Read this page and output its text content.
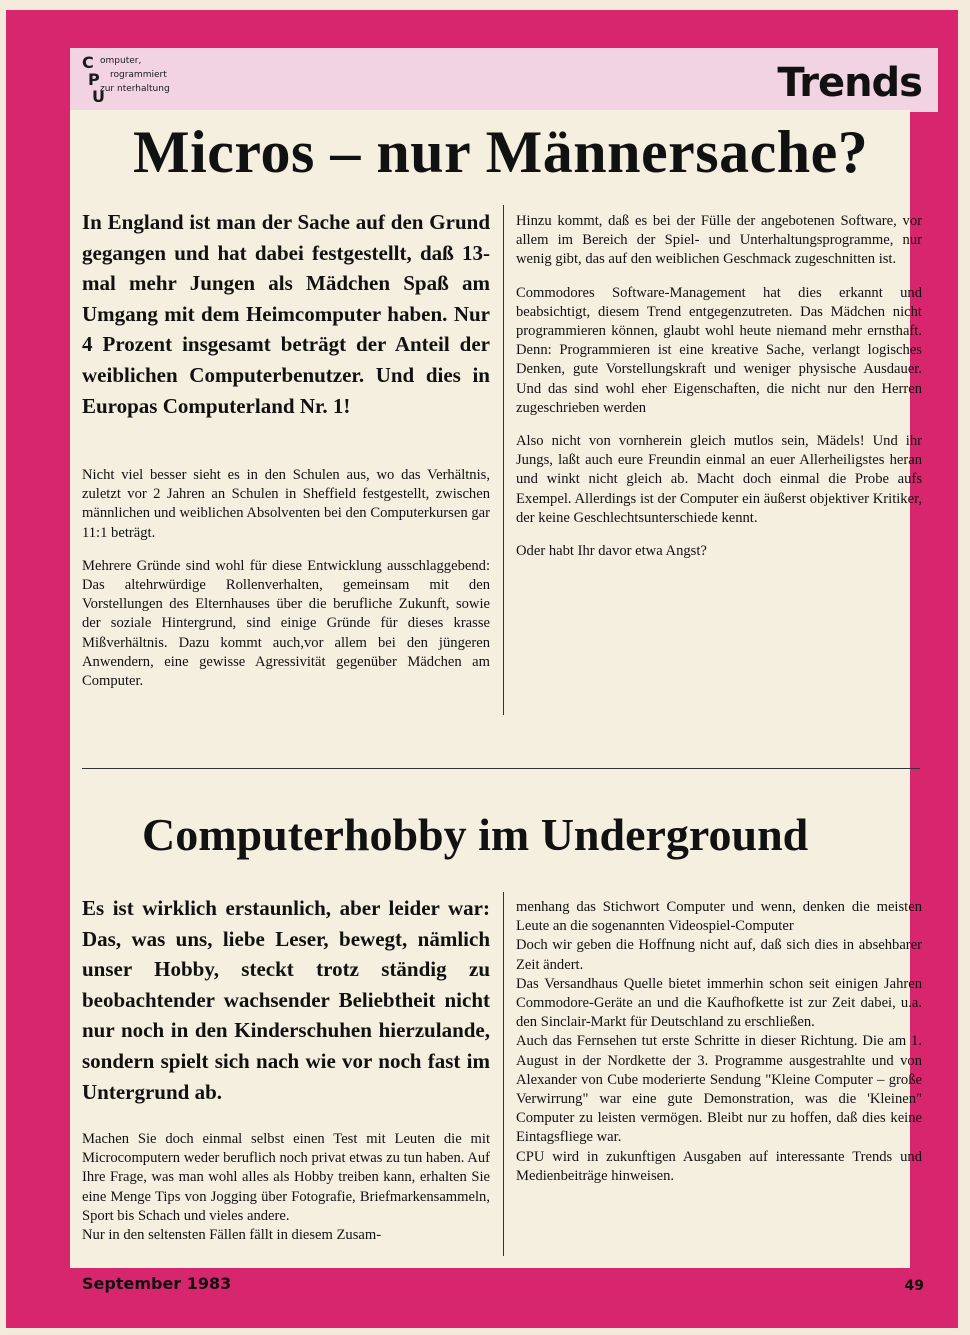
C
P
U
omputer,
rogrammiert
zur nterhaltung	Trends
Micros – nur Männersache?

In England ist man der Sache auf den Grund gegangen und hat dabei festgestellt, daß 13-mal mehr Jungen als Mädchen Spaß am Umgang mit dem Heimcomputer haben. Nur 4 Prozent insgesamt beträgt der Anteil der weiblichen Computerbenutzer. Und dies in Europas Computerland Nr. 1!

Nicht viel besser sieht es in den Schulen aus, wo das Verhältnis, zuletzt vor 2 Jahren an Schulen in Sheffield festgestellt, zwischen männlichen und weiblichen Absolventen bei den Computerkursen gar 11:1 beträgt.

Mehrere Gründe sind wohl für diese Entwicklung ausschlaggebend: Das altehrwürdige Rollenverhalten, gemeinsam mit den Vorstellungen des Elternhauses über die berufliche Zukunft, sowie der soziale Hintergrund, sind einige Gründe für dieses krasse Mißverhältnis. Dazu kommt auch,vor allem bei den jüngeren Anwendern, eine gewisse Agressivität gegenüber Mädchen am Computer.

Hinzu kommt, daß es bei der Fülle der angebotenen Software, vor allem im Bereich der Spiel- und Unterhaltungsprogramme, nur wenig gibt, das auf den weiblichen Geschmack zugeschnitten ist.

Commodores Software-Management hat dies erkannt und beabsichtigt, diesem Trend entgegenzutreten. Das Mädchen nicht programmieren können, glaubt wohl heute niemand mehr ernsthaft. Denn: Programmieren ist eine kreative Sache, verlangt logisches Denken, gute Vorstellungskraft und weniger physische Ausdauer. Und das sind wohl eher Eigenschaften, die nicht nur den Herren zugeschrieben werden

Also nicht von vornherein gleich mutlos sein, Mädels! Und ihr Jungs, laßt auch eure Freundin einmal an euer Allerheiligstes heran und winkt nicht gleich ab. Macht doch einmal die Probe aufs Exempel. Allerdings ist der Computer ein äußerst objektiver Kritiker, der keine Geschlechtsunterschiede kennt.

Oder habt Ihr davor etwa Angst?

Computerhobby im Underground

Es ist wirklich erstaunlich, aber leider war: Das, was uns, liebe Leser, bewegt, nämlich unser Hobby, steckt trotz ständig zu beobachtender wachsender Beliebtheit nicht nur noch in den Kinderschuhen hierzulande, sondern spielt sich nach wie vor noch fast im Untergrund ab.

Machen Sie doch einmal selbst einen Test mit Leuten die mit Microcomputern weder beruflich noch privat etwas zu tun haben. Auf Ihre Frage, was man wohl alles als Hobby treiben kann, erhalten Sie eine Menge Tips von Jogging über Fotografie, Briefmarkensammeln, Sport bis Schach und vieles andere.

Nur in den seltensten Fällen fällt in diesem Zusam-

menhang das Stichwort Computer und wenn, denken die meisten Leute an die sogenannten Videospiel-Computer

Doch wir geben die Hoffnung nicht auf, daß sich dies in absehbarer Zeit ändert.

Das Versandhaus Quelle bietet immerhin schon seit einigen Jahren Commodore-Geräte an und die Kaufhofkette ist zur Zeit dabei, u.a. den Sinclair-Markt für Deutschland zu erschließen.

Auch das Fernsehen tut erste Schritte in dieser Richtung. Die am 1. August in der Nordkette der 3. Programme ausgestrahlte und von Alexander von Cube moderierte Sendung "Kleine Computer – große Verwirrung" war eine gute Demonstration, was die 'Kleinen" Computer zu leisten vermögen. Bleibt nur zu hoffen, daß dies keine Eintagsfliege war.

CPU wird in zukunftigen Ausgaben auf interessante Trends und Medienbeiträge hinweisen.

September 1983	49
